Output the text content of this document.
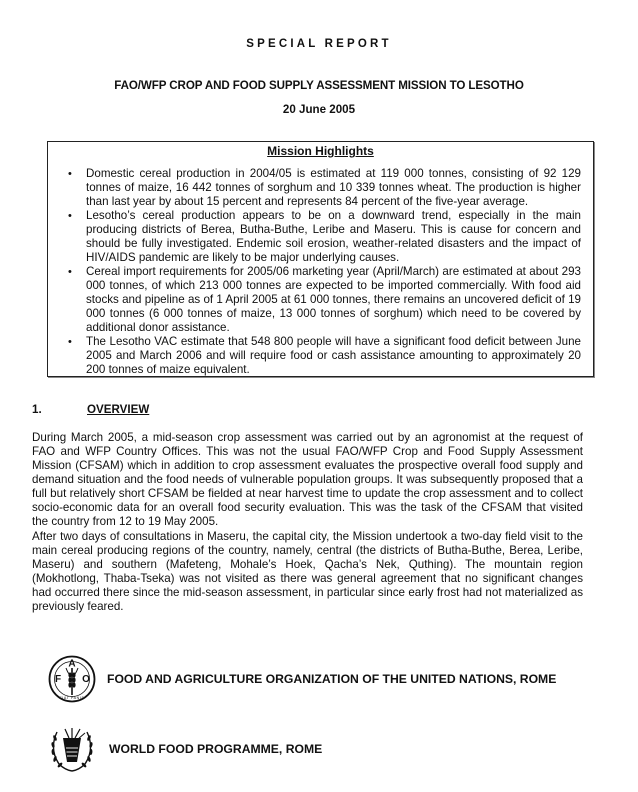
SPECIAL REPORT
FAO/WFP CROP AND FOOD SUPPLY ASSESSMENT MISSION TO LESOTHO
20 June 2005
Mission Highlights
•	Domestic cereal production in 2004/05 is estimated at 119 000 tonnes, consisting of 92 129 tonnes of maize, 16 442 tonnes of sorghum and 10 339 tonnes wheat. The production is higher than last year by about 15 percent and represents 84 percent of the five-year average.
•	Lesotho’s cereal production appears to be on a downward trend, especially in the main producing districts of Berea, Butha-Buthe, Leribe and Maseru. This is cause for concern and should be fully investigated. Endemic soil erosion, weather-related disasters and the impact of HIV/AIDS pandemic are likely to be major underlying causes.
•	Cereal import requirements for 2005/06 marketing year (April/March) are estimated at about 293 000 tonnes, of which 213 000 tonnes are expected to be imported commercially. With food aid stocks and pipeline as of 1 April 2005 at 61 000 tonnes, there remains an uncovered deficit of 19 000 tonnes (6 000 tonnes of maize, 13 000 tonnes of sorghum) which need to be covered by additional donor assistance.
•	The Lesotho VAC estimate that 548 800 people will have a significant food deficit between June 2005 and March 2006 and will require food or cash assistance amounting to approximately 20 200 tonnes of maize equivalent.
1.	OVERVIEW

During March 2005, a mid-season crop assessment was carried out by an agronomist at the request of FAO and WFP Country Offices. This was not the usual FAO/WFP Crop and Food Supply Assessment Mission (CFSAM) which in addition to crop assessment evaluates the prospective overall food supply and demand situation and the food needs of vulnerable population groups. It was subsequently proposed that a full but relatively short CFSAM be fielded at near harvest time to update the crop assessment and to collect socio-economic data for an overall food security evaluation. This was the task of the CFSAM that visited the country from 12 to 19 May 2005.

After two days of consultations in Maseru, the capital city, the Mission undertook a two-day field visit to the main cereal producing regions of the country, namely, central (the districts of Butha-Buthe, Berea, Leribe, Maseru) and southern (Mafeteng, Mohale’s Hoek, Qacha’s Nek, Quthing). The mountain region (Mokhotlong, Thaba-Tseka) was not visited as there was general agreement that no significant changes had occurred there since the mid-season assessment, in particular since early frost had not materialized as previously feared.

A
F O
FIAT PANIS
FOOD AND AGRICULTURE ORGANIZATION OF THE UNITED NATIONS, ROME
WORLD FOOD PROGRAMME, ROME
